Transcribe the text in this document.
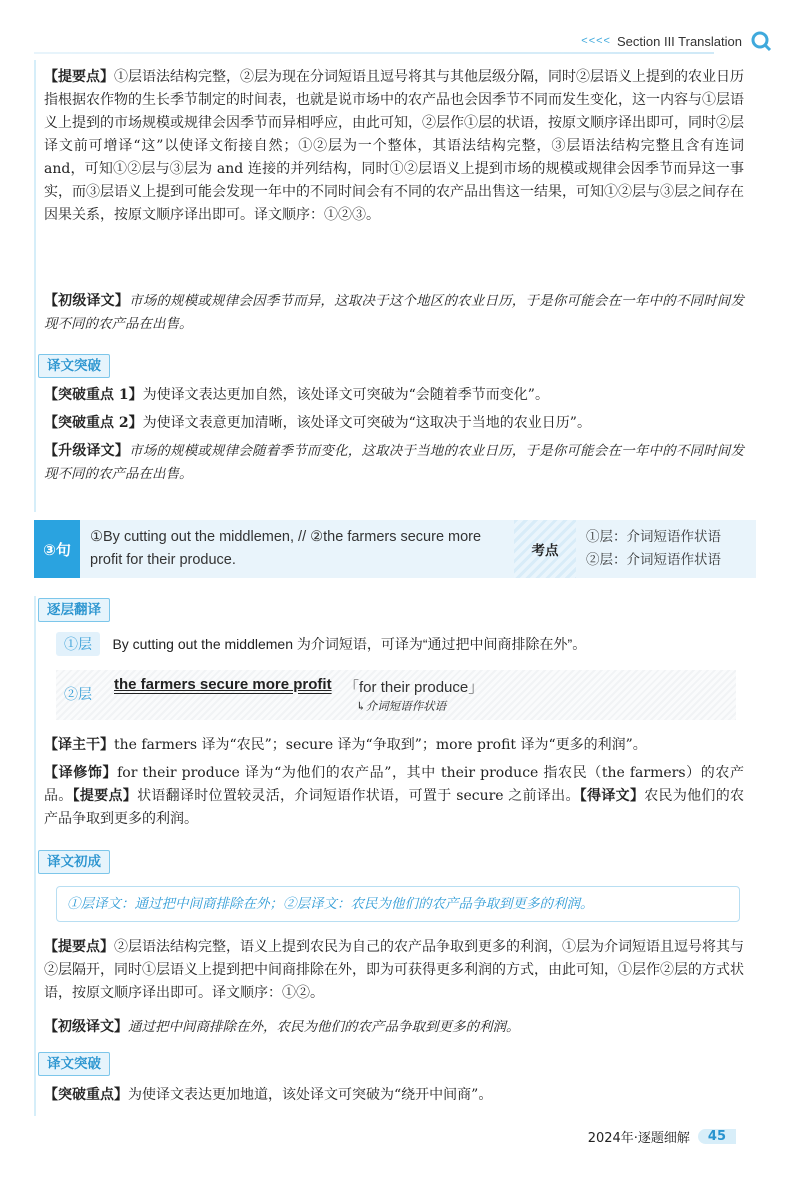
<<<< Section III Translation
【提要点】①层语法结构完整，②层为现在分词短语且逗号将其与其他层级分隔，同时②层语义上提到的农业日历指根据农作物的生长季节制定的时间表，也就是说市场中的农产品也会因季节不同而发生变化，这一内容与①层语义上提到的市场规模或规律会因季节而异相呼应，由此可知，②层作①层的状语，按原文顺序译出即可，同时②层译文前可增译“这”以使译文衔接自然；①②层为一个整体，其语法结构完整，③层语法结构完整且含有连词 and，可知①②层与③层为 and 连接的并列结构，同时①②层语义上提到市场的规模或规律会因季节而异这一事实，而③层语义上提到可能会发现一年中的不同时间会有不同的农产品出售这一结果，可知①②层与③层之间存在因果关系，按原文顺序译出即可。译文顺序：①②③。
【初级译文】市场的规模或规律会因季节而异，这取决于这个地区的农业日历，于是你可能会在一年中的不同时间发现不同的农产品在出售。
译文突破
【突破重点 1】为使译文表达更加自然，该处译文可突破为“会随着季节而变化”。
【突破重点 2】为使译文表意更加清晰，该处译文可突破为“这取决于当地的农业日历”。
【升级译文】市场的规模或规律会随着季节而变化，这取决于当地的农业日历，于是你可能会在一年中的不同时间发现不同的农产品在出售。
③句
①By cutting out the middlemen, // ②the farmers secure more profit for their produce.
考点
①层：介词短语作状语
②层：介词短语作状语
逐层翻译
①层 By cutting out the middlemen 为介词短语，可译为“通过把中间商排除在外”。
②层
the farmers secure more profit 「for their produce」
↳介词短语作状语
【译主干】the farmers 译为“农民”；secure 译为“争取到”；more profit 译为“更多的利润”。
【译修饰】for their produce 译为“为他们的农产品”，其中 their produce 指农民（the farmers）的农产品。【提要点】状语翻译时位置较灵活，介词短语作状语，可置于 secure 之前译出。【得译文】农民为他们的农产品争取到更多的利润。
译文初成
①层译文：通过把中间商排除在外；②层译文：农民为他们的农产品争取到更多的利润。
【提要点】②层语法结构完整，语义上提到农民为自己的农产品争取到更多的利润，①层为介词短语且逗号将其与②层隔开，同时①层语义上提到把中间商排除在外，即为可获得更多利润的方式，由此可知，①层作②层的方式状语，按原文顺序译出即可。译文顺序：①②。
【初级译文】通过把中间商排除在外，农民为他们的农产品争取到更多的利润。
译文突破
【突破重点】为使译文表达更加地道，该处译文可突破为“绕开中间商”。
2024年·逐题细解	45
